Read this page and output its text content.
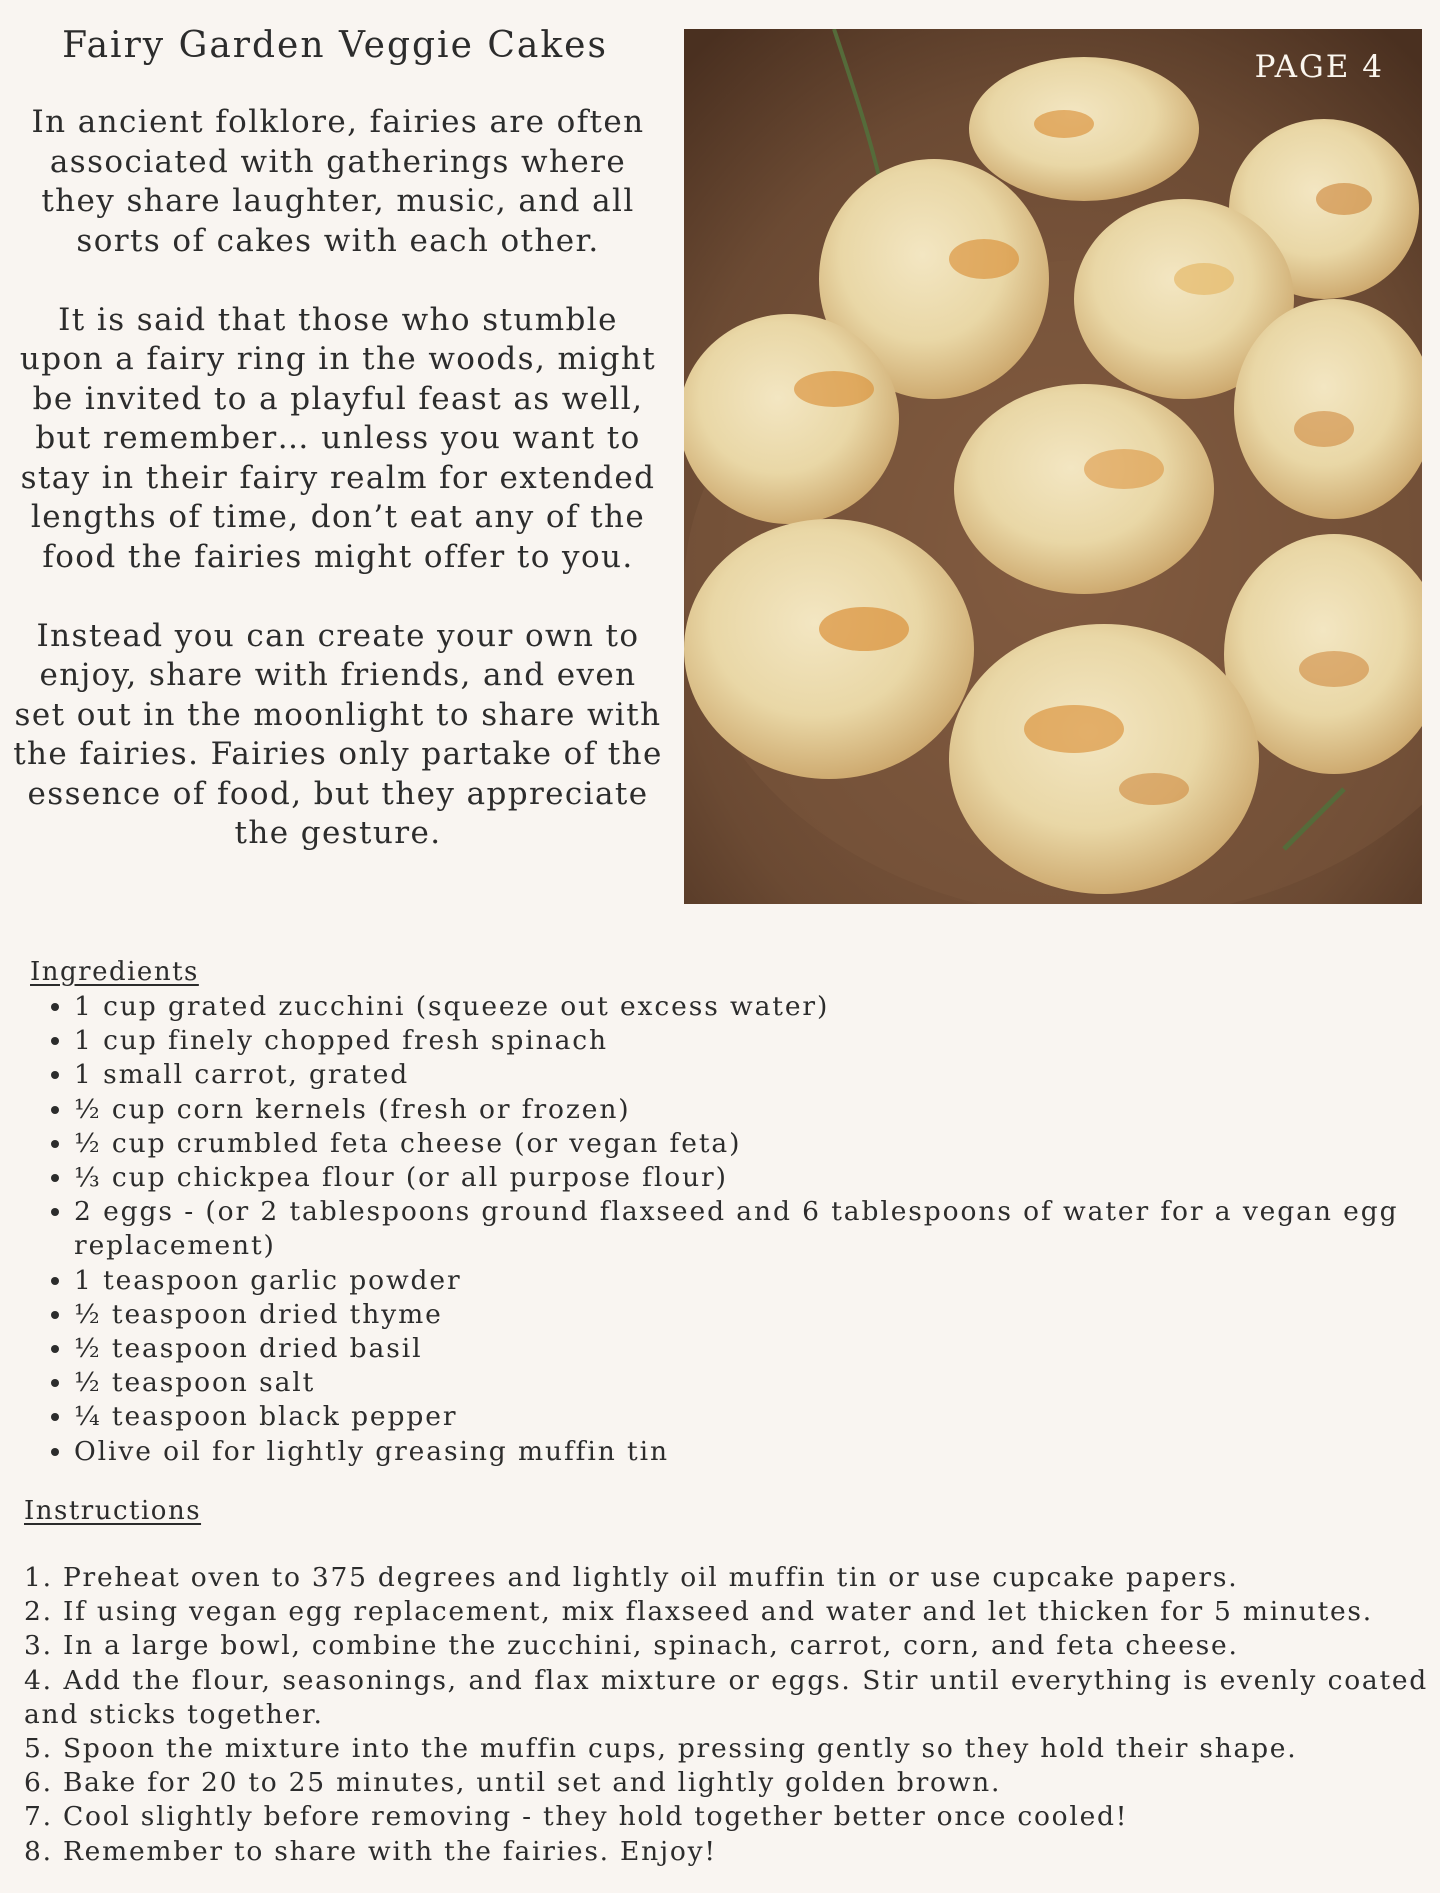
Fairy Garden Veggie Cakes

In ancient folklore, fairies are often associated with gatherings where they share laughter, music, and all sorts of cakes with each other.

It is said that those who stumble upon a fairy ring in the woods, might be invited to a playful feast as well, but remember… unless you want to stay in their fairy realm for extended lengths of time, don’t eat any of the food the fairies might offer to you.

Instead you can create your own to enjoy, share with friends, and even set out in the moonlight to share with the fairies. Fairies only partake of the essence of food, but they appreciate the gesture.

PAGE 4
Ingredients
• 1 cup grated zucchini (squeeze out excess water)
• 1 cup finely chopped fresh spinach
• 1 small carrot, grated
• ½ cup corn kernels (fresh or frozen)
• ½ cup crumbled feta cheese (or vegan feta)
• ⅓ cup chickpea flour (or all purpose flour)
• 2 eggs - (or 2 tablespoons ground flaxseed and 6 tablespoons of water for a vegan egg replacement)
• 1 teaspoon garlic powder
• ½ teaspoon dried thyme
• ½ teaspoon dried basil
• ½ teaspoon salt
• ¼ teaspoon black pepper
• Olive oil for lightly greasing muffin tin
Instructions
1. Preheat oven to 375 degrees and lightly oil muffin tin or use cupcake papers.
2. If using vegan egg replacement, mix flaxseed and water and let thicken for 5 minutes.
3. In a large bowl, combine the zucchini, spinach, carrot, corn, and feta cheese.
4. Add the flour, seasonings, and flax mixture or eggs. Stir until everything is evenly coated and sticks together.
5. Spoon the mixture into the muffin cups, pressing gently so they hold their shape.
6. Bake for 20 to 25 minutes, until set and lightly golden brown.
7. Cool slightly before removing - they hold together better once cooled!
8. Remember to share with the fairies. Enjoy!
